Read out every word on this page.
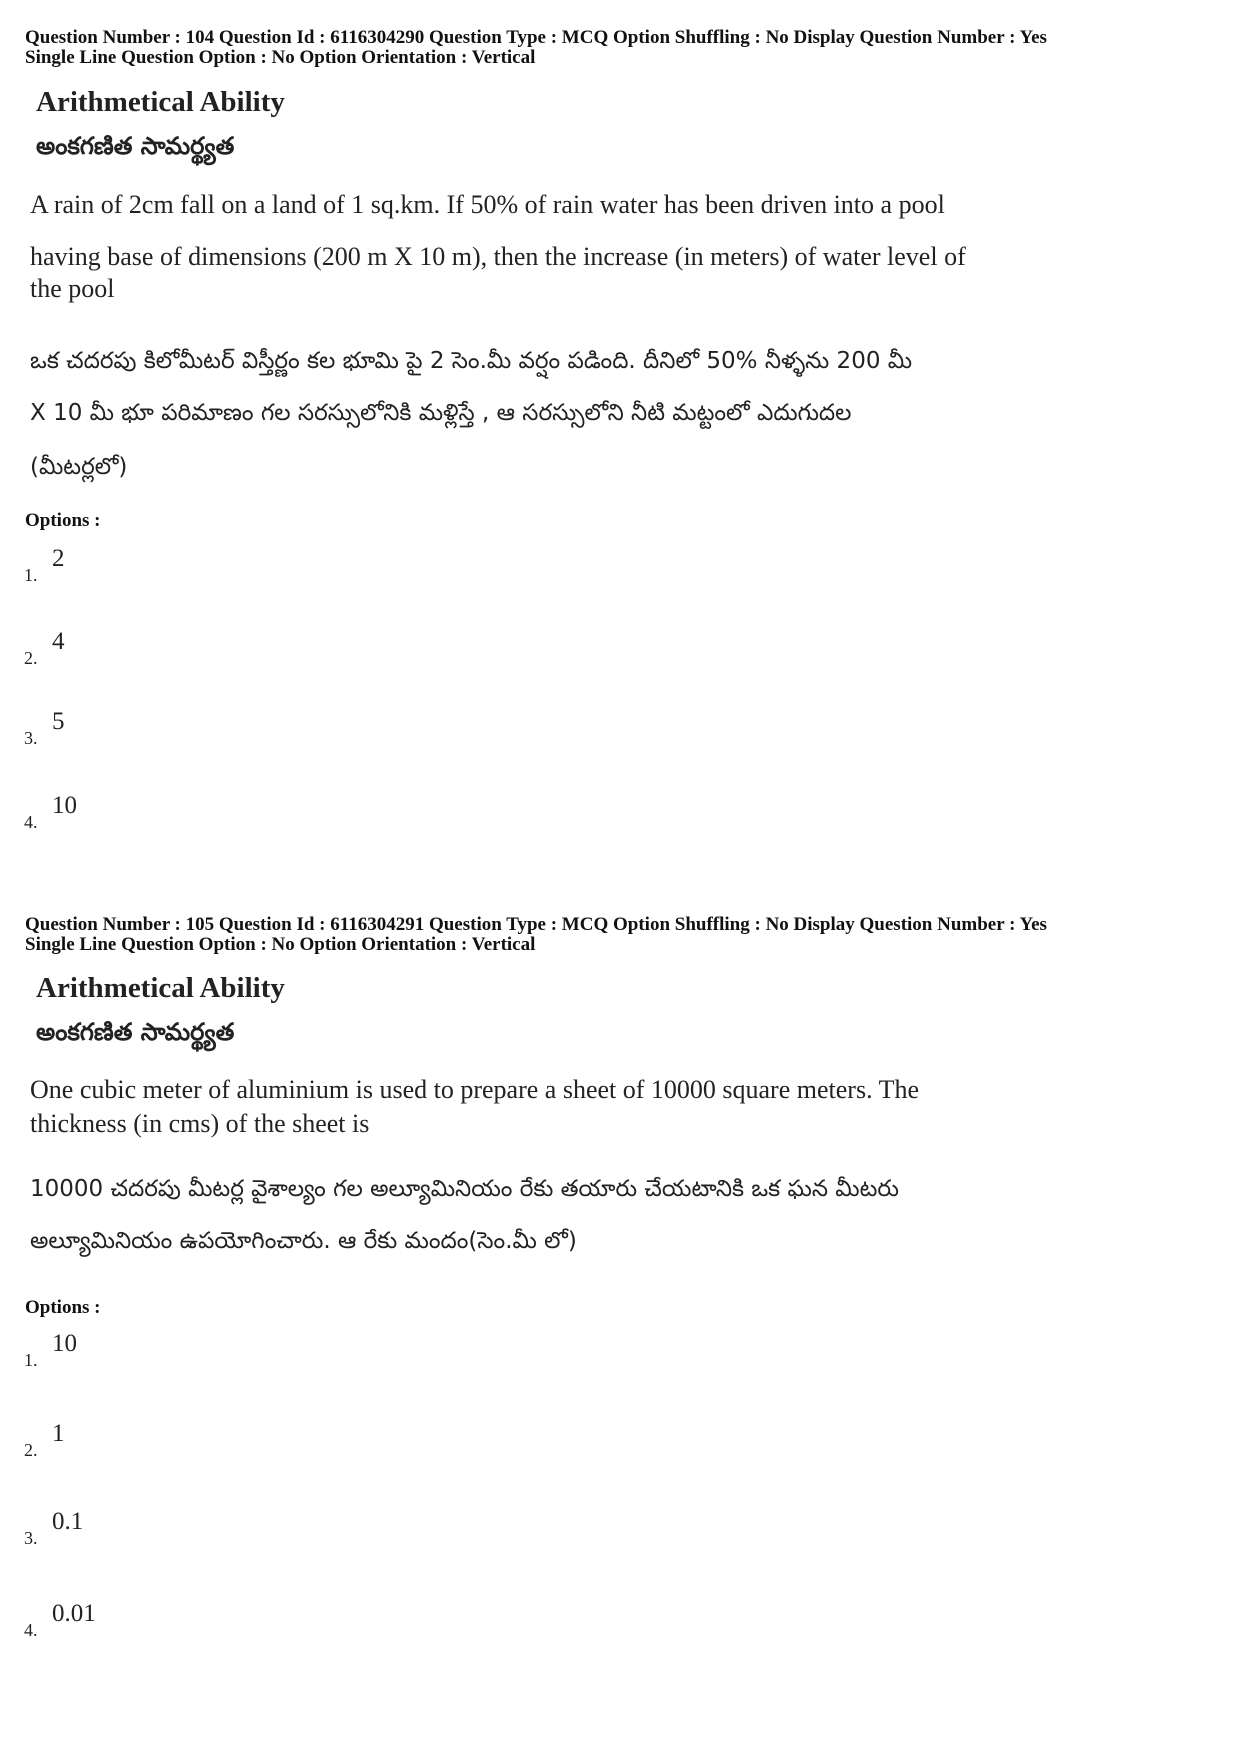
Question Number : 104 Question Id : 6116304290 Question Type : MCQ Option Shuffling : No Display Question Number : Yes
Single Line Question Option : No Option Orientation : Vertical
Arithmetical Ability
అంకగణిత సామర్థ్యత
A rain of 2cm fall on a land of 1 sq.km. If 50% of rain water has been driven into a pool
having base of dimensions (200 m X 10 m), then the increase (in meters) of water level of
the pool
ఒక చదరపు కిలోమీటర్ విస్తీర్ణం కల భూమి పై 2 సెం.మీ వర్షం పడింది. దీనిలో 50% నీళ్ళను 200 మీ
X 10 మీ భూ పరిమాణం గల సరస్సులోనికి మళ్లిస్తే , ఆ సరస్సులోని నీటి మట్టంలో ఎదుగుదల
(మీటర్లలో)
Options :
1.
2
2.
4
3.
5
4.
10
Question Number : 105 Question Id : 6116304291 Question Type : MCQ Option Shuffling : No Display Question Number : Yes
Single Line Question Option : No Option Orientation : Vertical
Arithmetical Ability
అంకగణిత సామర్థ్యత
One cubic meter of aluminium is used to prepare a sheet of 10000 square meters. The
thickness (in cms) of the sheet is
10000 చదరపు మీటర్ల వైశాల్యం గల అల్యూమినియం రేకు తయారు చేయటానికి ఒక ఘన మీటరు
అల్యూమినియం ఉపయోగించారు. ఆ రేకు మందం(సెం.మీ లో)
Options :
1.
10
2.
1
3.
0.1
4.
0.01
